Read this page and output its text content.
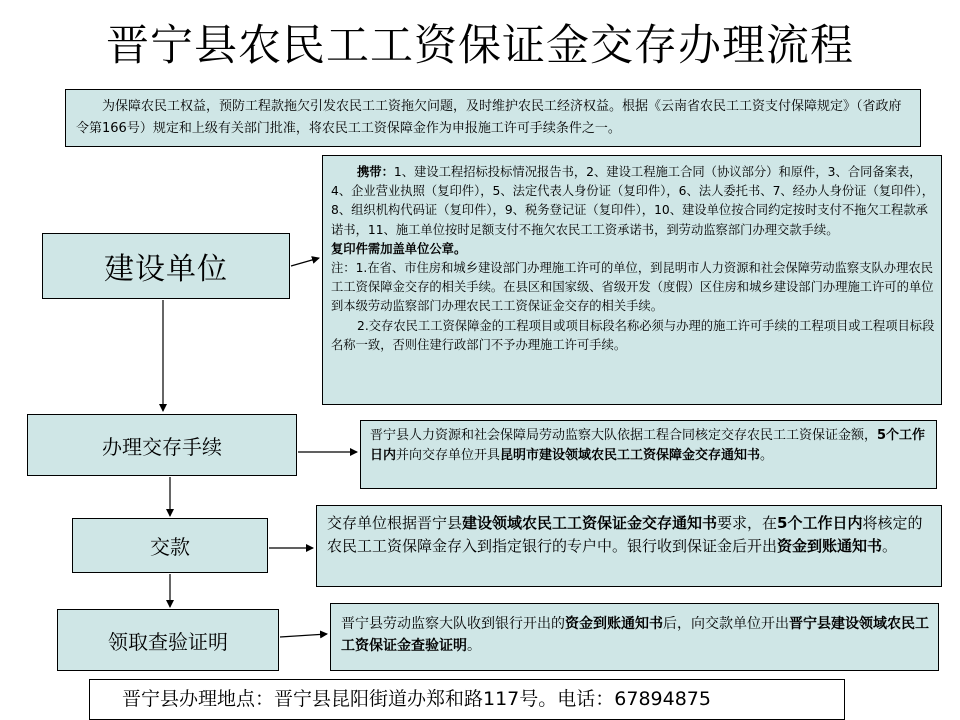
晋宁县农民工工资保证金交存办理流程
为保障农民工权益，预防工程款拖欠引发农民工工资拖欠问题，及时维护农民工经济权益。根据《云南省农民工工资支付保障规定》（省政府令第166号）规定和上级有关部门批准，将农民工工资保障金作为申报施工许可手续条件之一。

携带：1、建设工程招标投标情况报告书，2、建设工程施工合同（协议部分）和原件，3、合同备案表，4、企业营业执照（复印件），5、法定代表人身份证（复印件），6、法人委托书、7、经办人身份证（复印件），8、组织机构代码证（复印件），9、税务登记证（复印件），10、建设单位按合同约定按时支付不拖欠工程款承诺书，11、施工单位按时足额支付不拖欠农民工工资承诺书，到劳动监察部门办理交款手续。

复印件需加盖单位公章。

注：1.在省、市住房和城乡建设部门办理施工许可的单位，到昆明市人力资源和社会保障劳动监察支队办理农民工工资保障金交存的相关手续。在县区和国家级、省级开发（度假）区住房和城乡建设部门办理施工许可的单位到本级劳动监察部门办理农民工工资保证金交存的相关手续。

2.交存农民工工资保障金的工程项目或项目标段名称必须与办理的施工许可手续的工程项目或工程项目标段名称一致，否则住建行政部门不予办理施工许可手续。

建设单位
办理交存手续
交款
领取查验证明
晋宁县人力资源和社会保障局劳动监察大队依据工程合同核定交存农民工工资保证金额，5个工作日内并向交存单位开具昆明市建设领域农民工工资保障金交存通知书。
交存单位根据晋宁县建设领域农民工工资保证金交存通知书要求，在5个工作日内将核定的农民工工资保障金存入到指定银行的专户中。银行收到保证金后开出资金到账通知书。
晋宁县劳动监察大队收到银行开出的资金到账通知书后，向交款单位开出晋宁县建设领域农民工工资保证金查验证明。
晋宁县办理地点：晋宁县昆阳街道办郑和路117号。电话：67894875
